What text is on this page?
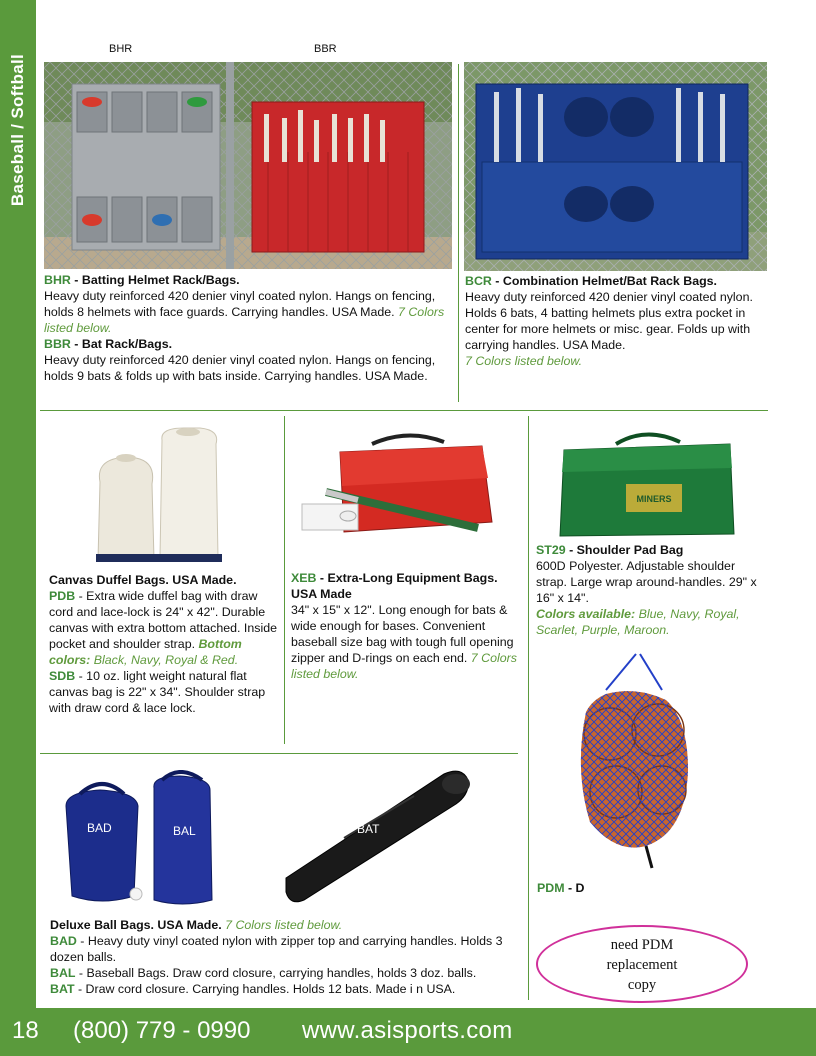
Baseball / Softball
BHR	BBR
BHR - Batting Helmet Rack/Bags.
Heavy duty reinforced 420 denier vinyl coated nylon. Hangs on fencing, holds 8 helmets with face guards. Carrying handles. USA Made. 7 Colors listed below.
BBR - Bat Rack/Bags.
Heavy duty reinforced 420 denier vinyl coated nylon. Hangs on fencing, holds 9 bats & folds up with bats inside. Carrying handles. USA Made.
BCR - Combination Helmet/Bat Rack Bags.
Heavy duty reinforced 420 denier vinyl coated nylon. Holds 6 bats, 4 batting helmets plus extra pocket in center for more helmets or misc. gear. Folds up with carrying handles. USA Made.
7 Colors listed below.
MINERS
Canvas Duffel Bags. USA Made.
PDB - Extra wide duffel bag with draw cord and lace-lock is 24" x 42". Durable canvas with extra bottom attached. Inside pocket and shoulder strap. Bottom colors: Black, Navy, Royal & Red.
SDB - 10 oz. light weight natural flat canvas bag is 22" x 34". Shoulder strap with draw cord & lace lock.
XEB - Extra-Long Equipment Bags. USA Made
34" x 15" x 12". Long enough for bats & wide enough for bases. Convenient baseball size bag with tough full opening zipper and D-rings on each end. 7 Colors listed below.
ST29 - Shoulder Pad Bag
600D Polyester. Adjustable shoulder strap. Large wrap around-handles. 29" x 16" x 14".
Colors available: Blue, Navy, Royal, Scarlet, Purple, Maroon.
PDM - D
need PDM
replacement
copy
BAD	BAL	BAT
Deluxe Ball Bags. USA Made. 7 Colors listed below.
BAD - Heavy duty vinyl coated nylon with zipper top and carrying handles. Holds 3 dozen balls.
BAL - Baseball Bags. Draw cord closure, carrying handles, holds 3 doz. balls.
BAT - Draw cord closure. Carrying handles. Holds 12 bats. Made i n USA.
18 (800) 779 - 0990 www.asisports.com
